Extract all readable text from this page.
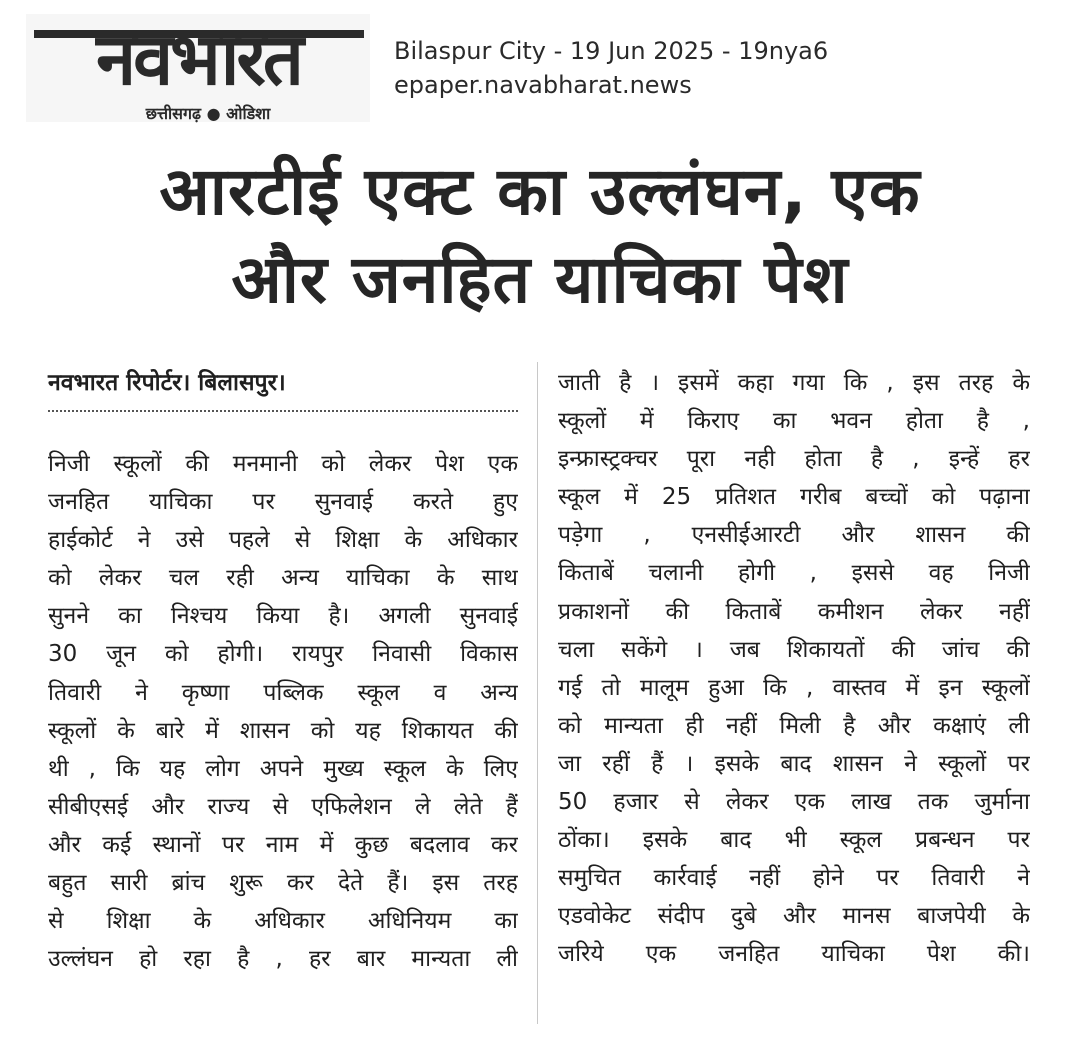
नवभारत
छत्तीसगढ़ ● ओडिशा
Bilaspur City - 19 Jun 2025 - 19nya6
epaper.navabharat.news
आरटीई एक्ट का उल्लंघन, एक
और जनहित याचिका पेश
नवभारत रिपोर्टर। बिलासपुर।
निजी स्कूलों की मनमानी को लेकर पेश एक
जनहित याचिका पर सुनवाई करते हुए
हाईकोर्ट ने उसे पहले से शिक्षा के अधिकार
को लेकर चल रही अन्य याचिका के साथ
सुनने का निश्चय किया है। अगली सुनवाई
30 जून को होगी। रायपुर निवासी विकास
तिवारी ने कृष्णा पब्लिक स्कूल व अन्य
स्कूलों के बारे में शासन को यह शिकायत की
थी , कि यह लोग अपने मुख्य स्कूल के लिए
सीबीएसई और राज्य से एफिलेशन ले लेते हैं
और कई स्थानों पर नाम में कुछ बदलाव कर
बहुत सारी ब्रांच शुरू कर देते हैं। इस तरह
से शिक्षा के अधिकार अधिनियम का
उल्लंघन हो रहा है , हर बार मान्यता ली
जाती है । इसमें कहा गया कि , इस तरह के
स्कूलों में किराए का भवन होता है ,
इन्फ्रास्ट्रक्चर पूरा नही होता है , इन्हें हर
स्कूल में 25 प्रतिशत गरीब बच्चों को पढ़ाना
पड़ेगा , एनसीईआरटी और शासन की
किताबें चलानी होगी , इससे वह निजी
प्रकाशनों की किताबें कमीशन लेकर नहीं
चला सकेंगे । जब शिकायतों की जांच की
गई तो मालूम हुआ कि , वास्तव में इन स्कूलों
को मान्यता ही नहीं मिली है और कक्षाएं ली
जा रहीं हैं । इसके बाद शासन ने स्कूलों पर
50 हजार से लेकर एक लाख तक जुर्माना
ठोंका। इसके बाद भी स्कूल प्रबन्धन पर
समुचित कार्रवाई नहीं होने पर तिवारी ने
एडवोकेट संदीप दुबे और मानस बाजपेयी के
जरिये एक जनहित याचिका पेश की।
